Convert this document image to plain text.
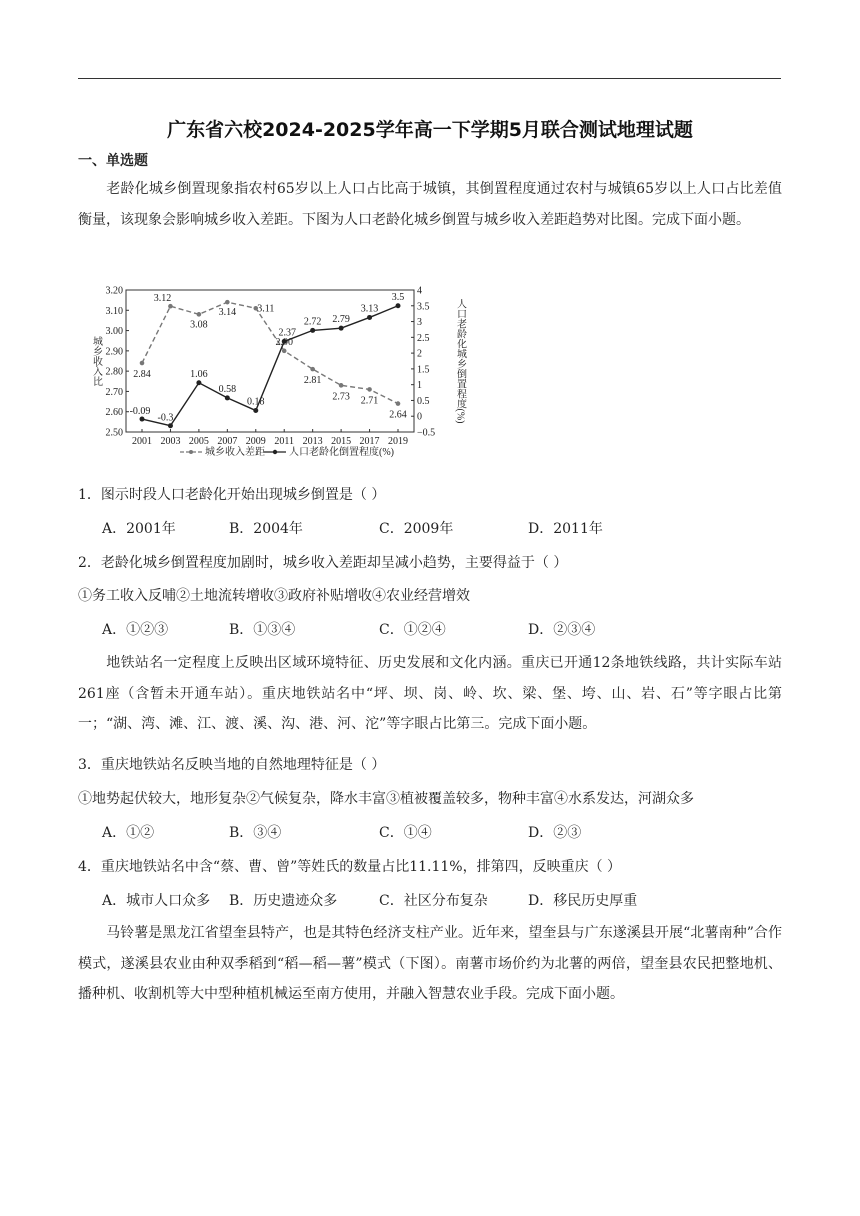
广东省六校2024-2025学年高一下学期5月联合测试地理试题
一、单选题
老龄化城乡倒置现象指农村65岁以上人口占比高于城镇，其倒置程度通过农村与城镇65岁以上人口占比差值衡量，该现象会影响城乡收入差距。下图为人口老龄化城乡倒置与城乡收入差距趋势对比图。完成下面小题。
3.20
3.10
3.00
2.90
2.80
2.70
2.60
2.50
4
3.5
3
2.5
2
1.5
1
0.5
0
−0.5
2001 2003 2005 2007 2009 2011 2013 2015 2017 2019
城乡收入比	人口老龄化城乡倒置程度(%)
2.84
3.12
3.08
3.14 3.11
2.90
2.81
2.73 2.71
2.64
-0.09
-0.3
1.06
0.58
0.18
2.37
2.72 2.79
3.13
3.5
城乡收入差距 人口老龄化倒置程度(%)
1．图示时段人口老龄化开始出现城乡倒置是（ ）
A．2001年	B．2004年	C．2009年	D．2011年
2．老龄化城乡倒置程度加剧时，城乡收入差距却呈减小趋势，主要得益于（ ）
①务工收入反哺②土地流转增收③政府补贴增收④农业经营增效
A．①②③	B．①③④	C．①②④	D．②③④
地铁站名一定程度上反映出区域环境特征、历史发展和文化内涵。重庆已开通12条地铁线路，共计实际车站261座（含暂未开通车站）。重庆地铁站名中“坪、坝、岗、岭、坎、梁、堡、垮、山、岩、石”等字眼占比第一；“湖、湾、滩、江、渡、溪、沟、港、河、沱”等字眼占比第三。完成下面小题。
3．重庆地铁站名反映当地的自然地理特征是（ ）
①地势起伏较大，地形复杂②气候复杂，降水丰富③植被覆盖较多，物种丰富④水系发达，河湖众多
A．①②	B．③④	C．①④	D．②③
4．重庆地铁站名中含“蔡、曹、曾”等姓氏的数量占比11.11%，排第四，反映重庆（ ）
A．城市人口众多 B．历史遗迹众多	C．社区分布复杂	D．移民历史厚重
马铃薯是黑龙江省望奎县特产，也是其特色经济支柱产业。近年来，望奎县与广东遂溪县开展“北薯南种”合作模式，遂溪县农业由种双季稻到“稻—稻—薯”模式（下图）。南薯市场价约为北薯的两倍，望奎县农民把整地机、播种机、收割机等大中型种植机械运至南方使用，并融入智慧农业手段。完成下面小题。
